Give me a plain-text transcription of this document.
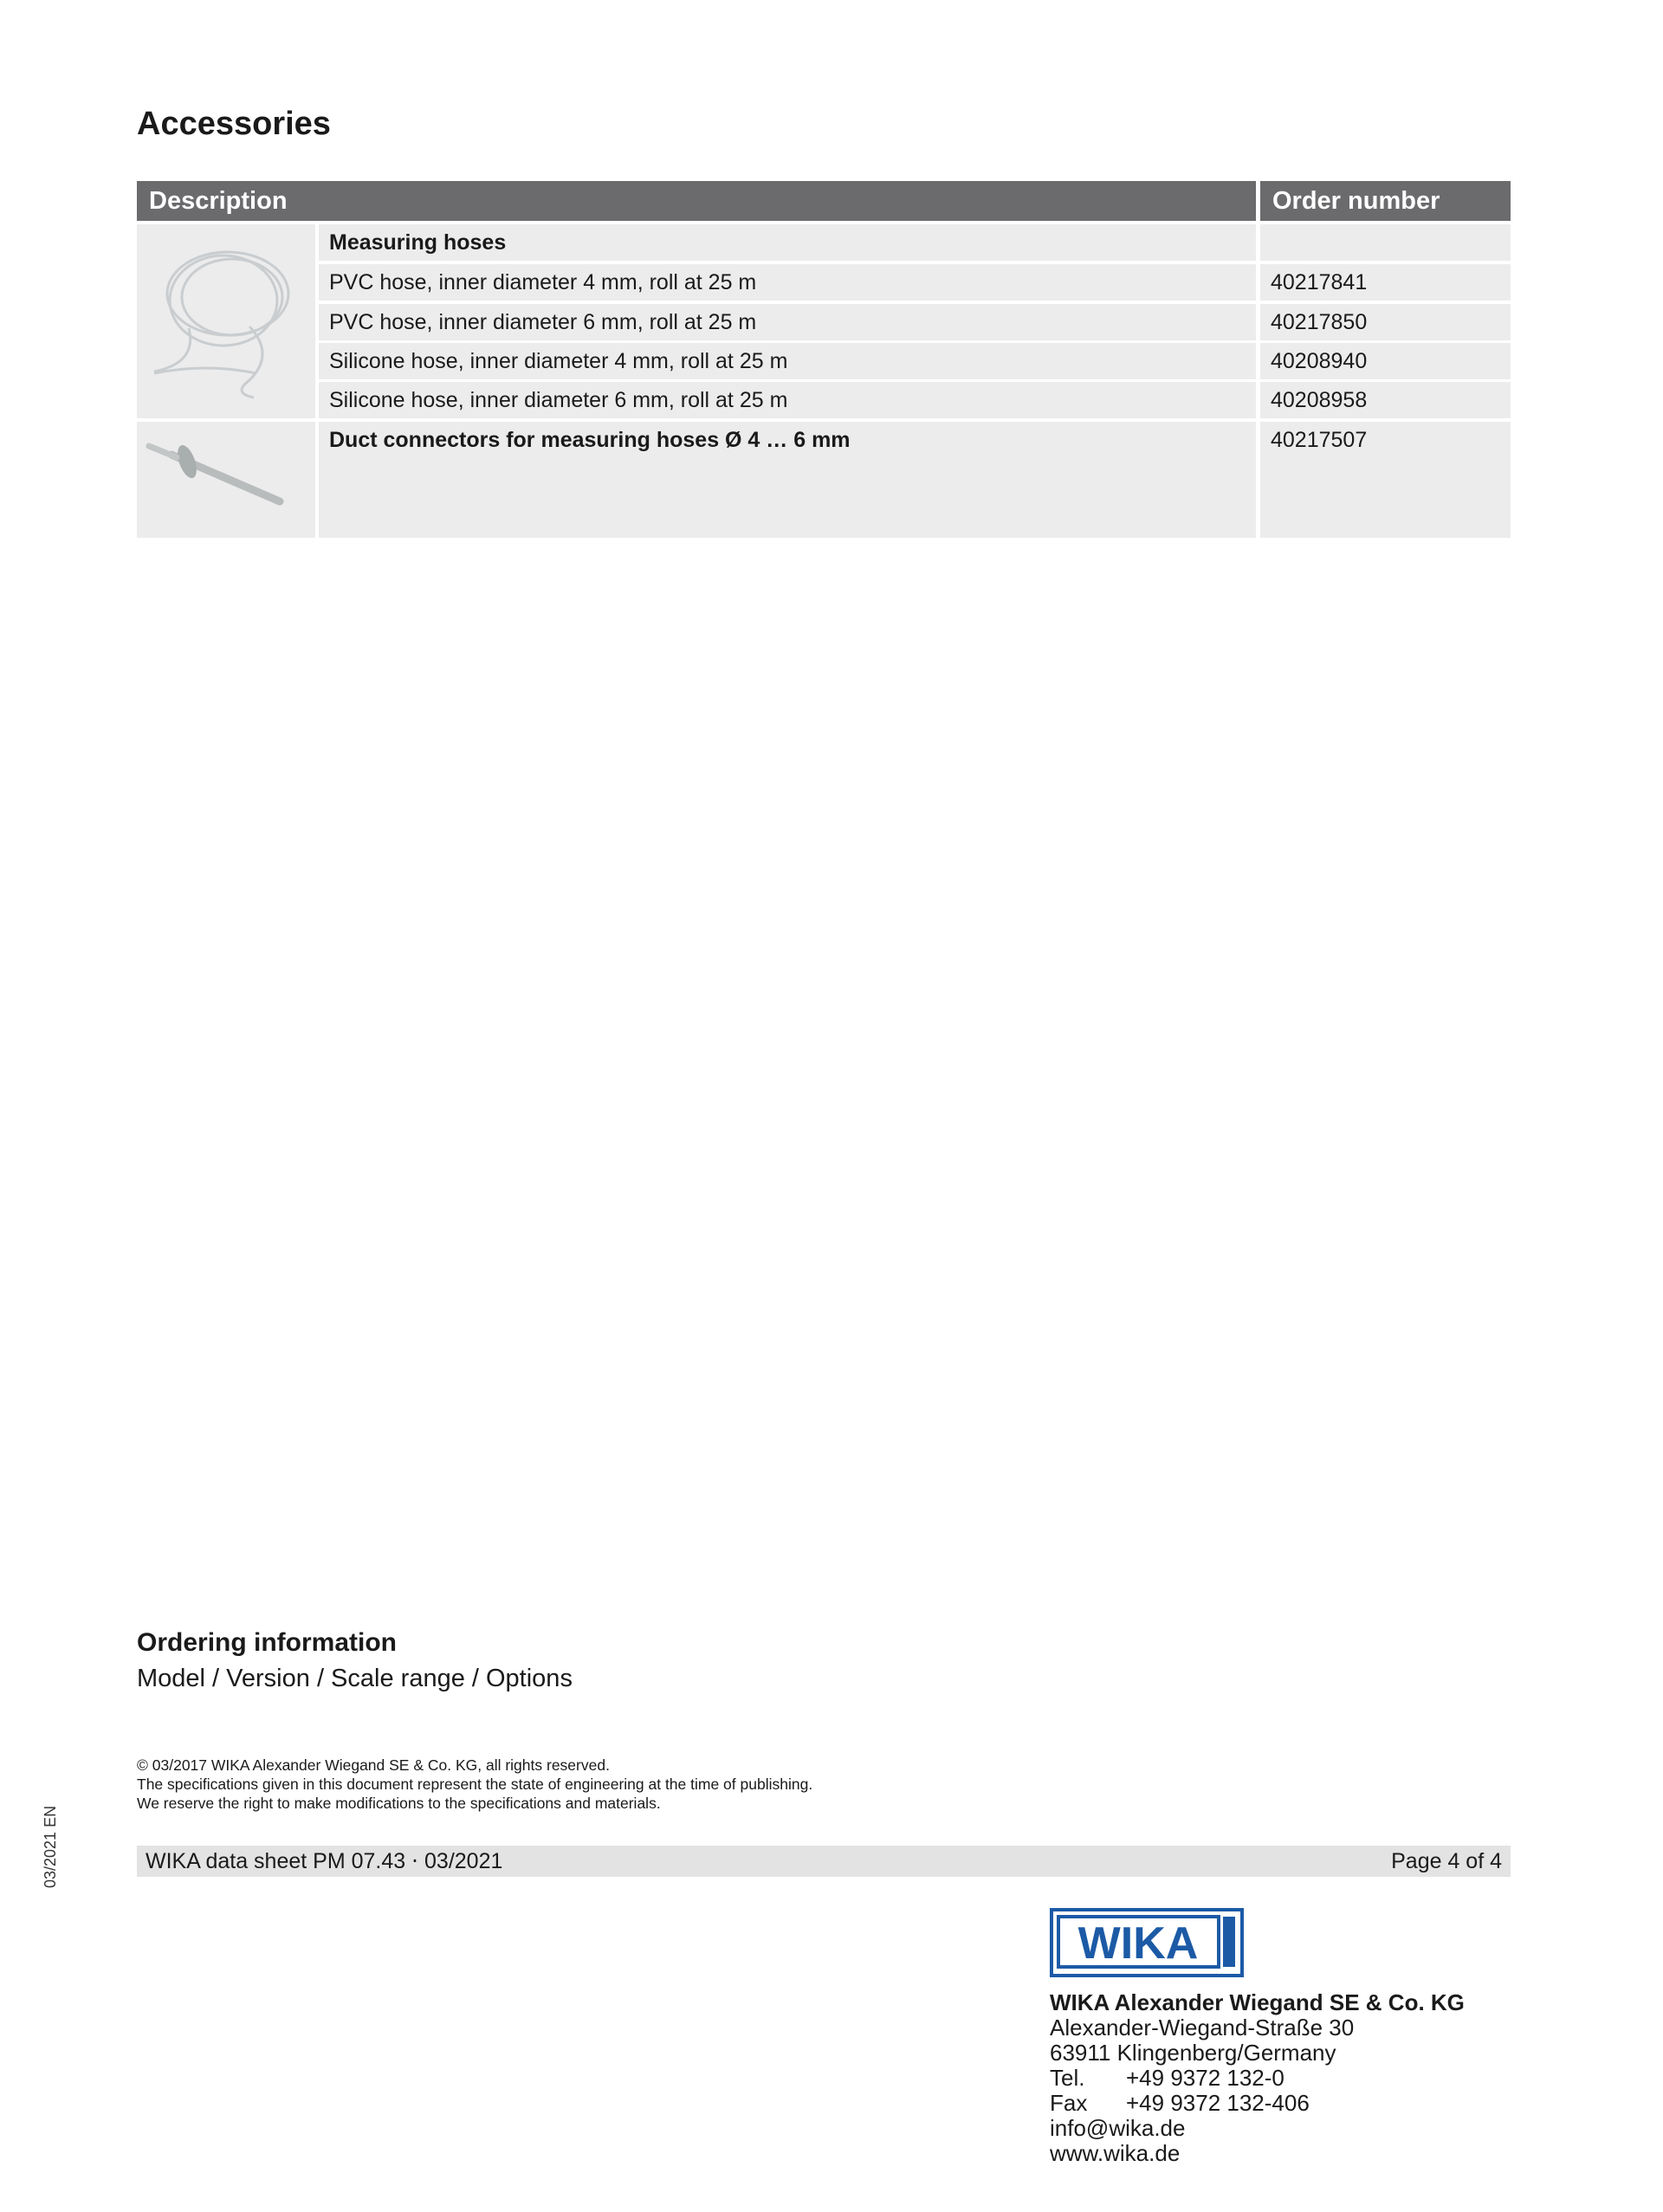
Accessories
Description	Order number
Measuring hoses
PVC hose, inner diameter 4 mm, roll at 25 m	40217841
PVC hose, inner diameter 6 mm, roll at 25 m	40217850
Silicone hose, inner diameter 4 mm, roll at 25 m	40208940
Silicone hose, inner diameter 6 mm, roll at 25 m	40208958
Duct connectors for measuring hoses Ø 4 … 6 mm	40217507
Ordering information
Model / Version / Scale range / Options
© 03/2017 WIKA Alexander Wiegand SE & Co. KG, all rights reserved.
The specifications given in this document represent the state of engineering at the time of publishing.
We reserve the right to make modifications to the specifications and materials.
WIKA data sheet PM 07.43 ⋅ 03/2021	Page 4 of 4
03/2021 EN
WIKA
WIKA Alexander Wiegand SE & Co. KG
Alexander-Wiegand-Straße 30
63911 Klingenberg/Germany
Tel. +49 9372 132-0
Fax +49 9372 132-406
info@wika.de
www.wika.de
